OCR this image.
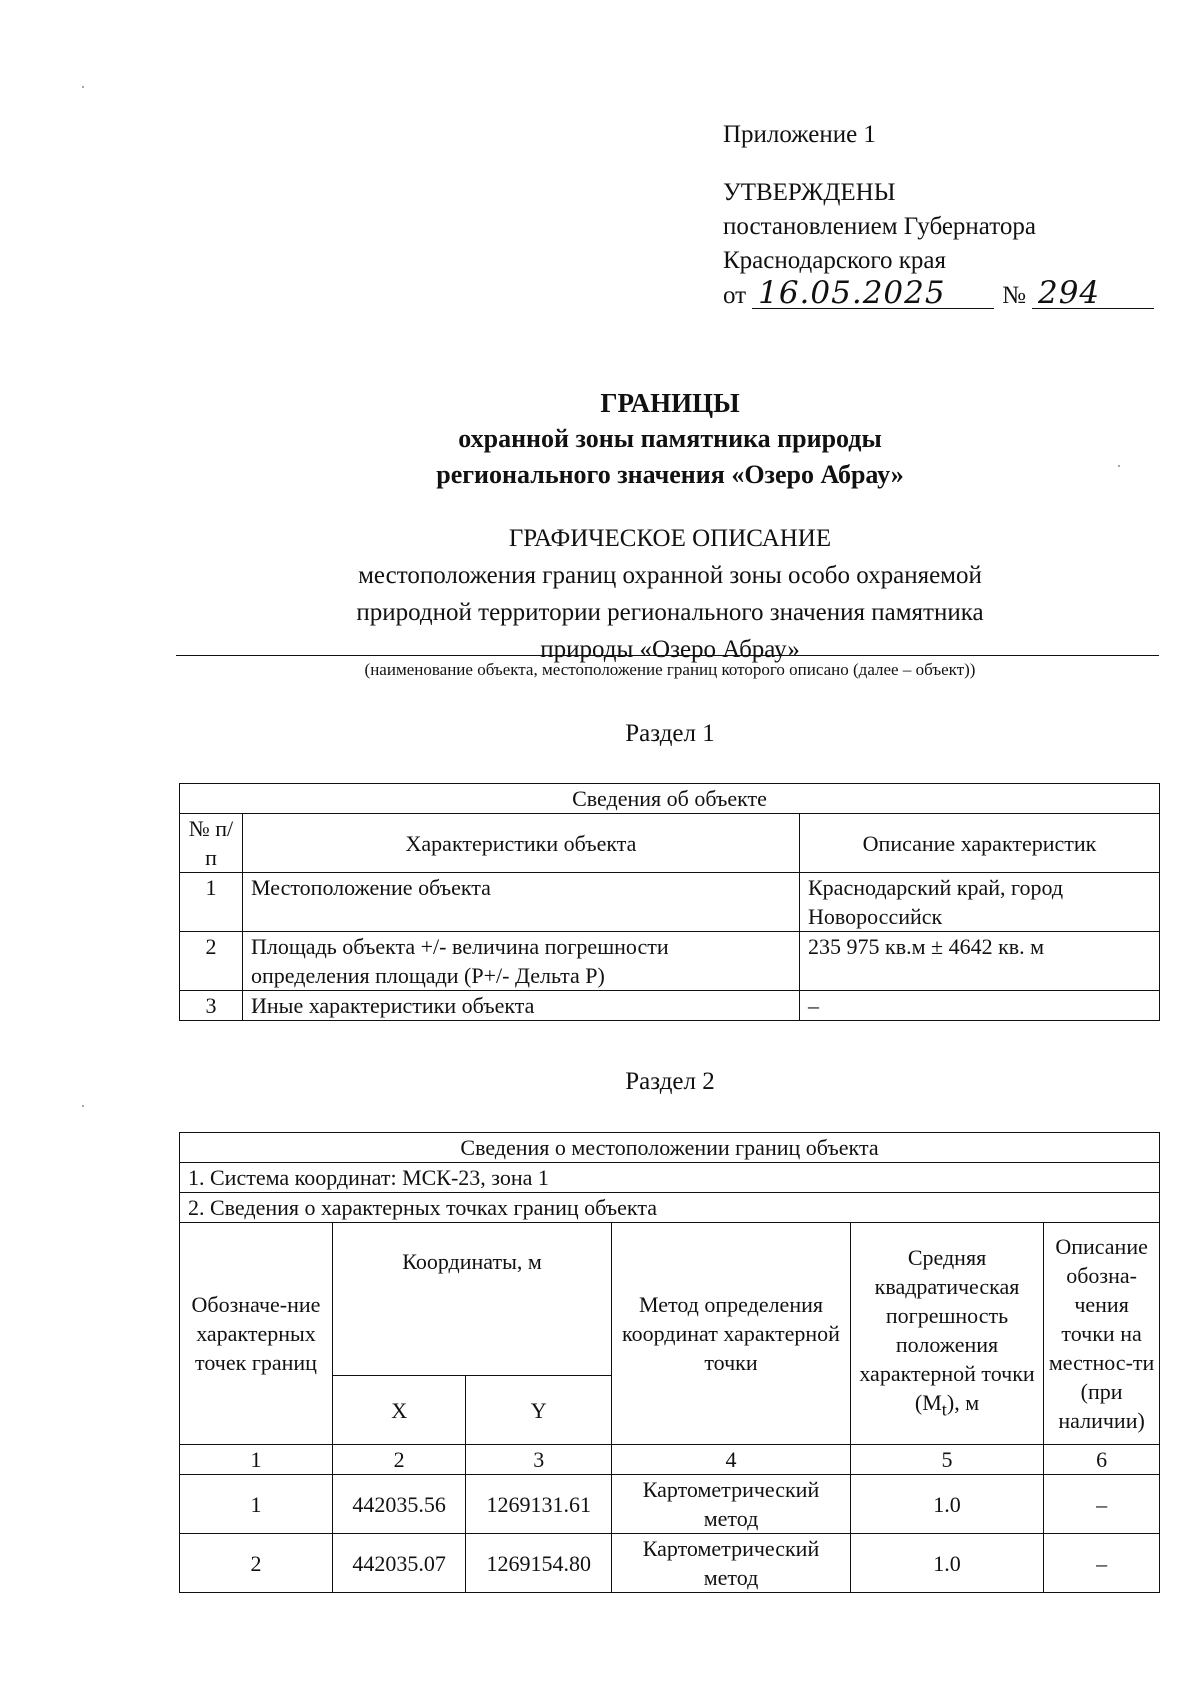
Приложение 1
УТВЕРЖДЕНЫ
постановлением Губернатора
Краснодарского края
от 16.05.2025	№ 294
ГРАНИЦЫ
охранной зоны памятника природы
регионального значения «Озеро Абрау»
ГРАФИЧЕСКОЕ ОПИСАНИЕ
местоположения границ охранной зоны особо охраняемой
природной территории регионального значения памятника
природы «Озеро Абрау»
(наименование объекта, местоположение границ которого описано (далее – объект))
Раздел 1
Сведения об объекте		
№ п/п	Характеристики объекта	Описание характеристик
1	Местоположение объекта	Краснодарский край, город Новороссийск
2	Площадь объекта +/- величина погрешности определения площади (P+/- Дельта P)	235 975 кв.м ± 4642 кв. м
3	Иные характеристики объекта	–
Раздел 2
Сведения о местоположении границ объекта					
1. Система координат: МСК-23, зона 1					
2. Сведения о характерных точках границ объекта					
Обозначе-ние характерных точек границ	Координаты, м		Метод определения координат характерной точки	Средняя квадратическая погрешность положения характерной точки $(M_t)$, м	Описание обозна-чения точки на местнос-ти (при наличии)
	X	Y			
1	2	3	4	5	6
1	442035.56	1269131.61	Картометрический метод	1.0	–
2	442035.07	1269154.80	Картометрический метод	1.0	–
